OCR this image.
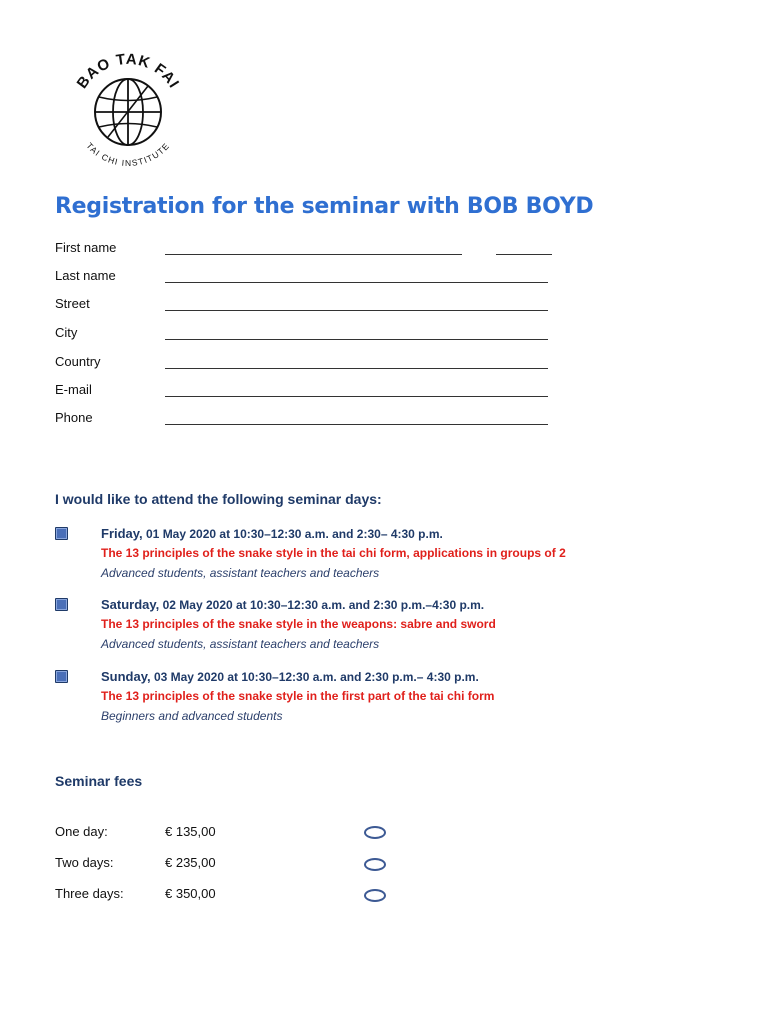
BAO TAK FAI
TAI CHI INSTITUTE
Registration for the seminar with BOB BOYD
First name
Last name
Street
City
Country
E-mail
Phone
I would like to attend the following seminar days:
Friday, 01 May 2020 at 10:30–12:30 a.m. and 2:30– 4:30 p.m.
The 13 principles of the snake style in the tai chi form, applications in groups of 2
Advanced students, assistant teachers and teachers
Saturday, 02 May 2020 at 10:30–12:30 a.m. and 2:30 p.m.–4:30 p.m.
The 13 principles of the snake style in the weapons: sabre and sword
Advanced students, assistant teachers and teachers
Sunday, 03 May 2020 at 10:30–12:30 a.m. and 2:30 p.m.– 4:30 p.m.
The 13 principles of the snake style in the first part of the tai chi form
Beginners and advanced students
Seminar fees
One day:	€ 135,00
Two days:	€ 235,00
Three days:	€ 350,00
